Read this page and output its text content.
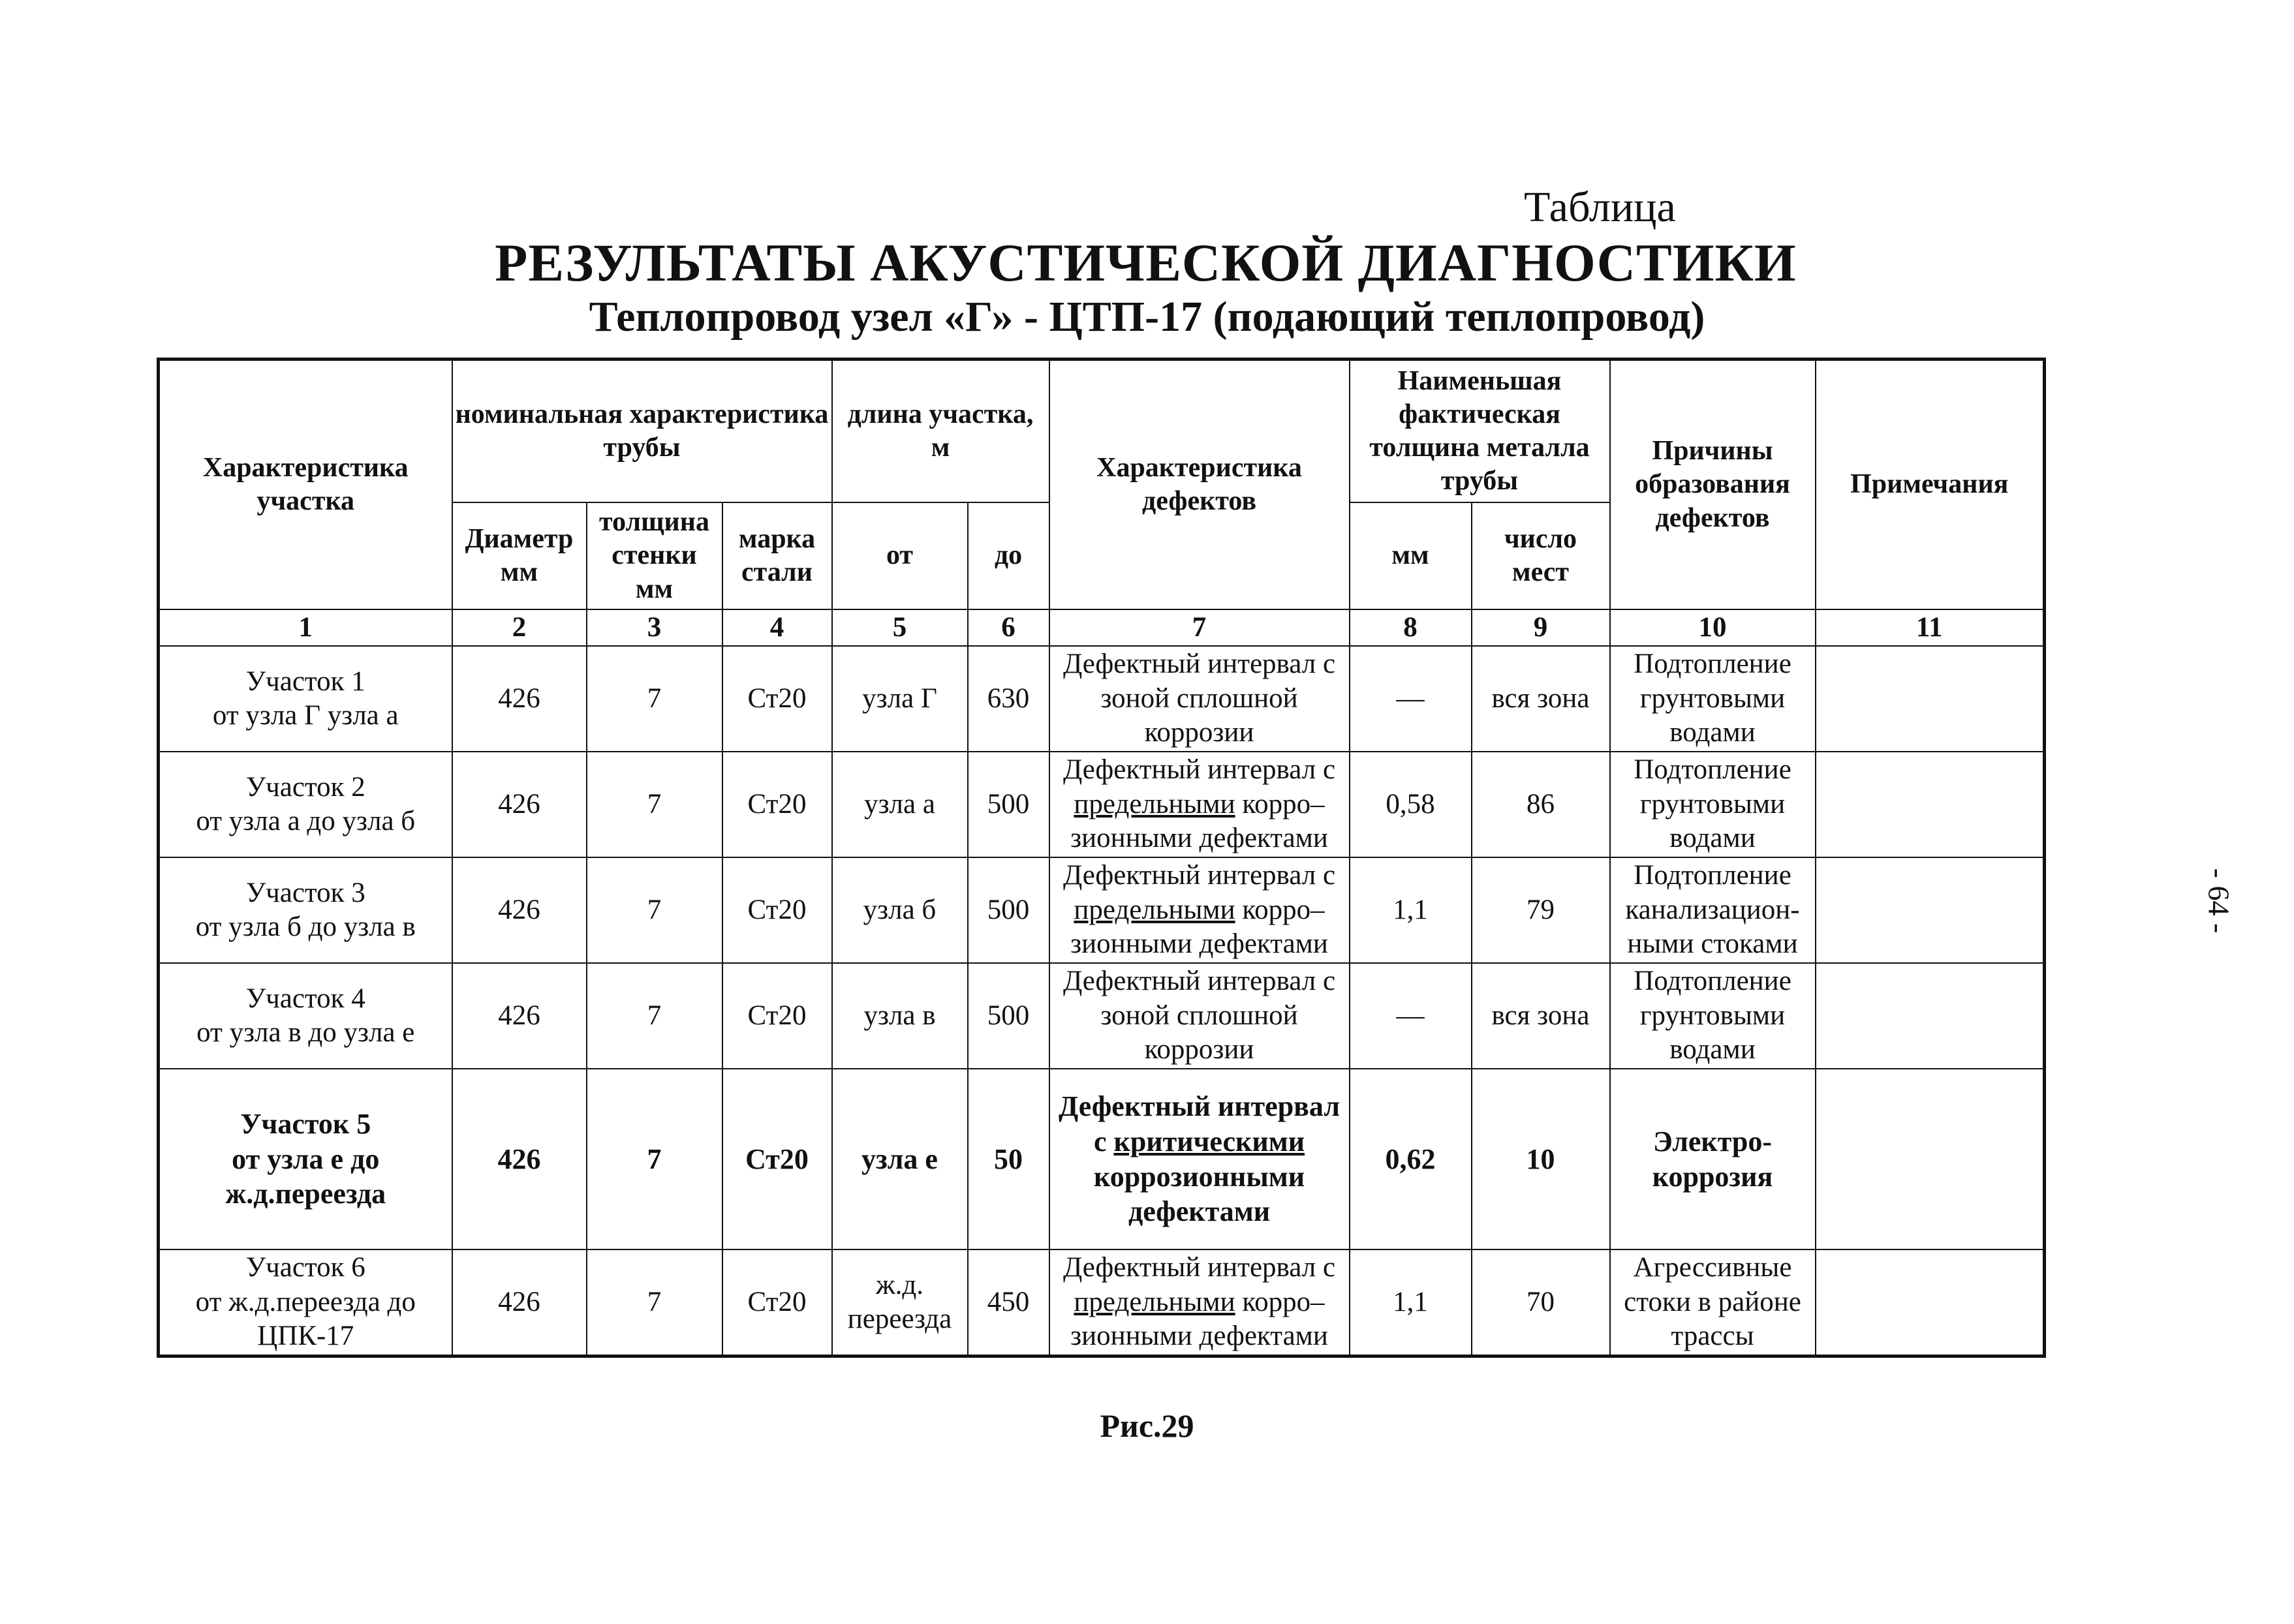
Таблица
РЕЗУЛЬТАТЫ АКУСТИЧЕСКОЙ ДИАГНОСТИКИ
Теплопровод узел «Г» - ЦТП-17 (подающий теплопровод)
- 64 -
Характеристика участка	номинальная характеристика трубы			длина участка, м		Характеристика дефектов	Наименьшая фактическая толщина металла трубы		Причины образования дефектов	Примечания
	Диаметр мм	толщина стенки мм	марка стали	от	до		мм	число мест		
1	2	3	4	5	6	7	8	9	10	11
Участок 1
от узла Г узла а	426	7	Ст20	узла Г	630	Дефектный интервал с зоной сплошной коррозии	—	вся зона	Подтопление грунтовыми водами	
Участок 2
от узла а до узла б	426	7	Ст20	узла а	500	Дефектный интервал с предельными корро–зионными дефектами	0,58	86	Подтопление грунтовыми водами	
Участок 3
от узла б до узла в	426	7	Ст20	узла б	500	Дефектный интервал с предельными корро–зионными дефектами	1,1	79	Подтопление канализацион-ными стоками	
Участок 4
от узла в до узла е	426	7	Ст20	узла в	500	Дефектный интервал с зоной сплошной коррозии	—	вся зона	Подтопление грунтовыми водами	
Участок 5
от узла е до ж.д.переезда	426	7	Ст20	узла е	50	Дефектный интервал с критическими коррозионными дефектами	0,62	10	Электро-коррозия	
Участок 6
от ж.д.переезда до ЦПК-17	426	7	Ст20	ж.д. переезда	450	Дефектный интервал с предельными корро–зионными дефектами	1,1	70	Агрессивные стоки в районе трассы	
Рис.29
